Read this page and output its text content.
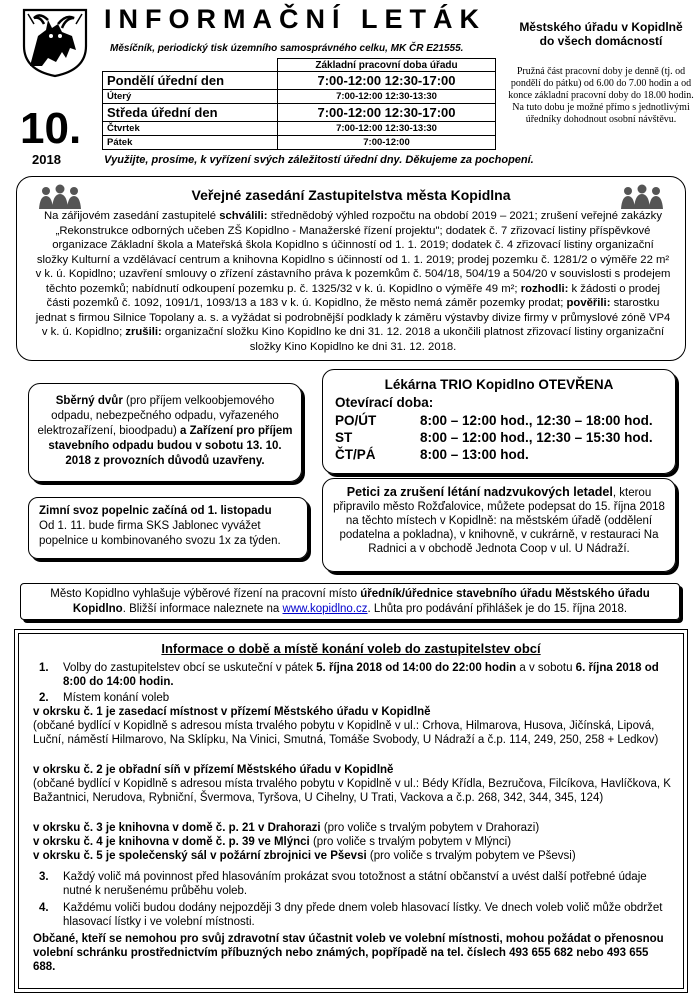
INFORMAČNÍ LETÁK
Měsíčník, periodický tisk územního samosprávného celku, MK ČR E21555.
10.
2018
Městského úřadu v Kopidlně
do všech domácností
Pružná část pracovní doby je denně (tj. od pondělí do pátku) od 6.00 do 7.00 hodin a od konce základní pracovní doby do 18.00 hodin. Na tuto dobu je možné přímo s jednotlivými úředníky dohodnout osobní návštěvu.
	Základní pracovní doba úřadu
Pondělí úřední den	7:00-12:00 12:30-17:00
Úterý	7:00-12:00 12:30-13:30
Středa úřední den	7:00-12:00 12:30-17:00
Čtvrtek	7:00-12:00 12:30-13:30
Pátek	7:00-12:00
Využijte, prosíme, k vyřízení svých záležitostí úřední dny. Děkujeme za pochopení.
Veřejné zasedání Zastupitelstva města Kopidlna
Na zářijovém zasedání zastupitelé schválili: střednědobý výhled rozpočtu na období 2019 – 2021; zrušení veřejné zakázky „Rekonstrukce odborných učeben ZŠ Kopidlno - Manažerské řízení projektu"; dodatek č. 7 zřizovací listiny příspěvkové organizace Základní škola a Mateřská škola Kopidlno s účinností od 1. 1. 2019; dodatek č. 4 zřizovací listiny organizační složky Kulturní a vzdělávací centrum a knihovna Kopidlno s účinností od 1. 1. 2019; prodej pozemku č. 1281/2 o výměře 22 m² v k. ú. Kopidlno; uzavření smlouvy o zřízení zástavního práva k pozemkům č. 504/18, 504/19 a 504/20 v souvislosti s prodejem těchto pozemků; nabídnutí odkoupení pozemku p. č. 1325/32 v k. ú. Kopidlno o výměře 49 m²; rozhodli: k žádosti o prodej části pozemků č. 1092, 1091/1, 1093/13 a 183 v k. ú. Kopidlno, že město nemá záměr pozemky prodat; pověřili: starostku jednat s firmou Silnice Topolany a. s. a vyžádat si podrobnější podklady k záměru výstavby divize firmy v průmyslové zóně VP4 v k. ú. Kopidlno; zrušili: organizační složku Kino Kopidlno ke dni 31. 12. 2018 a ukončili platnost zřizovací listiny organizační složky Kino Kopidlno ke dni 31. 12. 2018.
Sběrný dvůr (pro příjem velkoobjemového odpadu, nebezpečného odpadu, vyřazeného elektrozařízení, bioodpadu) a Zařízení pro příjem stavebního odpadu budou v sobotu 13. 10. 2018 z provozních důvodů uzavřeny.
Lékárna TRIO Kopidlno OTEVŘENA
Otevírací doba:
PO/ÚT	8:00 – 12:00 hod., 12:30 – 18:00 hod.
ST	8:00 – 12:00 hod., 12:30 – 15:30 hod.
ČT/PÁ	8:00 – 13:00 hod.
Zimní svoz popelnic začíná od 1. listopadu
Od 1. 11. bude firma SKS Jablonec vyvážet popelnice u kombinovaného svozu 1x za týden.
Petici za zrušení létání nadzvukových letadel, kterou připravilo město Rožďalovice, můžete podepsat do 15. října 2018 na těchto místech v Kopidlně: na městském úřadě (oddělení podatelna a pokladna), v knihovně, v cukrárně, v restauraci Na Radnici a v obchodě Jednota Coop v ul. U Nádraží.
Město Kopidlno vyhlašuje výběrové řízení na pracovní místo úředník/úřednice stavebního úřadu Městského úřadu Kopidlno. Bližší informace naleznete na www.kopidlno.cz. Lhůta pro podávání přihlášek je do 15. října 2018.
Informace o době a místě konání voleb do zastupitelstev obcí
1. Volby do zastupitelstev obcí se uskuteční v pátek 5. října 2018 od 14:00 do 22:00 hodin a v sobotu 6. října 2018 od 8:00 do 14:00 hodin.
2. Místem konání voleb
v okrsku č. 1 je zasedací místnost v přízemí Městského úřadu v Kopidlně
(občané bydlící v Kopidlně s adresou místa trvalého pobytu v Kopidlně v ul.: Crhova, Hilmarova, Husova, Jičínská, Lipová, Luční, náměstí Hilmarovo, Na Sklípku, Na Vinici, Smutná, Tomáše Svobody, U Nádraží a č.p. 114, 249, 250, 258 + Ledkov)
v okrsku č. 2 je obřadní síň v přízemí Městského úřadu v Kopidlně
(občané bydlící v Kopidlně s adresou místa trvalého pobytu v Kopidlně v ul.: Bédy Křídla, Bezručova, Filcíkova, Havlíčkova, K Bažantnici, Nerudova, Rybniční, Švermova, Tyršova, U Cihelny, U Trati, Vackova a č.p. 268, 342, 344, 345, 124)
v okrsku č. 3 je knihovna v domě č. p. 21 v Drahorazi (pro voliče s trvalým pobytem v Drahorazi)
v okrsku č. 4 je knihovna v domě č. p. 39 ve Mlýnci (pro voliče s trvalým pobytem v Mlýnci)
v okrsku č. 5 je společenský sál v požární zbrojnici ve Pševsi (pro voliče s trvalým pobytem ve Pševsi)
3. Každý volič má povinnost před hlasováním prokázat svou totožnost a státní občanství a uvést další potřebné údaje nutné k nerušenému průběhu voleb.
4. Každému voliči budou dodány nejpozději 3 dny přede dnem voleb hlasovací lístky. Ve dnech voleb volič může obdržet hlasovací lístky i ve volební místnosti.
Občané, kteří se nemohou pro svůj zdravotní stav účastnit voleb ve volební místnosti, mohou požádat o přenosnou volební schránku prostřednictvím příbuzných nebo známých, popřípadě na tel. číslech 493 655 682 nebo 493 655 688.
